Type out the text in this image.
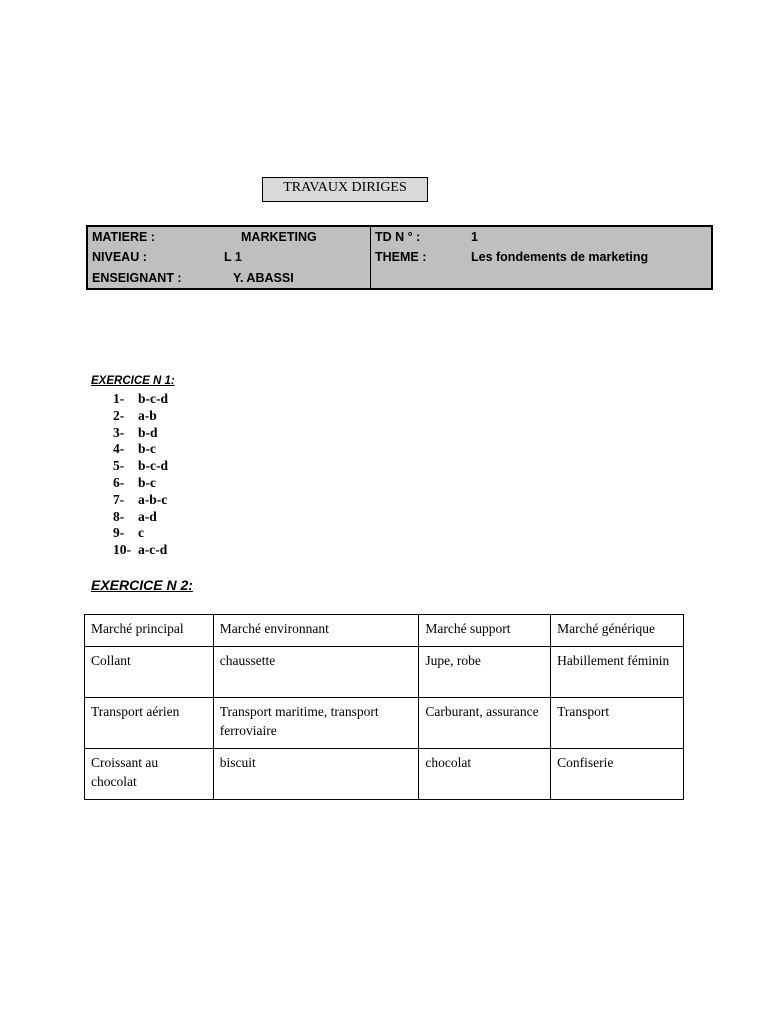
TRAVAUX DIRIGES
MATIERE :	MARKETING
NIVEAU :	L 1
ENSEIGNANT :	Y. ABASSI
TD N ° :	1
THEME :	Les fondements de marketing
EXERCICE N 1:
1- b-c-d
2- a-b
3- b-d
4- b-c
5- b-c-d
6- b-c
7- a-b-c
8- a-d
9- c
10- a-c-d
EXERCICE N 2:
Marché principal	Marché environnant	Marché support	Marché générique
Collant	chaussette	Jupe, robe	Habillement féminin
Transport aérien	Transport maritime, transport ferroviaire	Carburant, assurance	Transport
Croissant au chocolat	biscuit	chocolat	Confiserie
